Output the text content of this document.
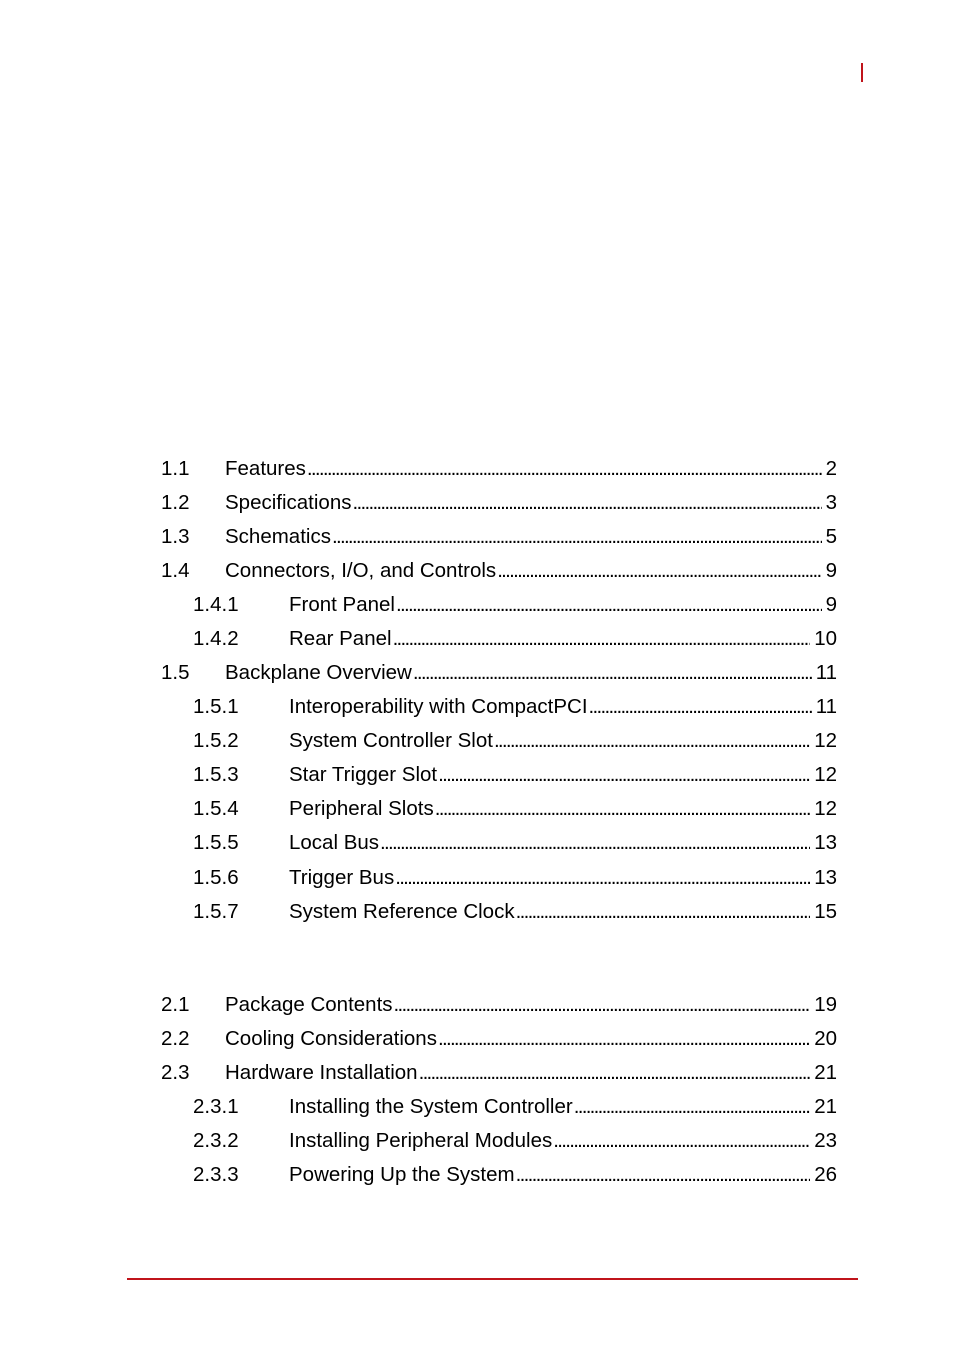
1.1	Features . . .	2
1.2	Specifications . . .	3
1.3	Schematics . . .	5
1.4	Connectors, I/O, and Controls . . .	9
1.4.1	Front Panel . . .	9
1.4.2	Rear Panel . . .	10
1.5	Backplane Overview . . .	11
1.5.1	Interoperability with CompactPCI . . .	11
1.5.2	System Controller Slot . . .	12
1.5.3	Star Trigger Slot . . .	12
1.5.4	Peripheral Slots . . .	12
1.5.5	Local Bus . . .	13
1.5.6	Trigger Bus . . .	13
1.5.7	System Reference Clock . . .	15
2.1	Package Contents . . .	19
2.2	Cooling Considerations . . .	20
2.3	Hardware Installation . . .	21
2.3.1	Installing the System Controller . . .	21
2.3.2	Installing Peripheral Modules . . .	23
2.3.3	Powering Up the System . . .	26
